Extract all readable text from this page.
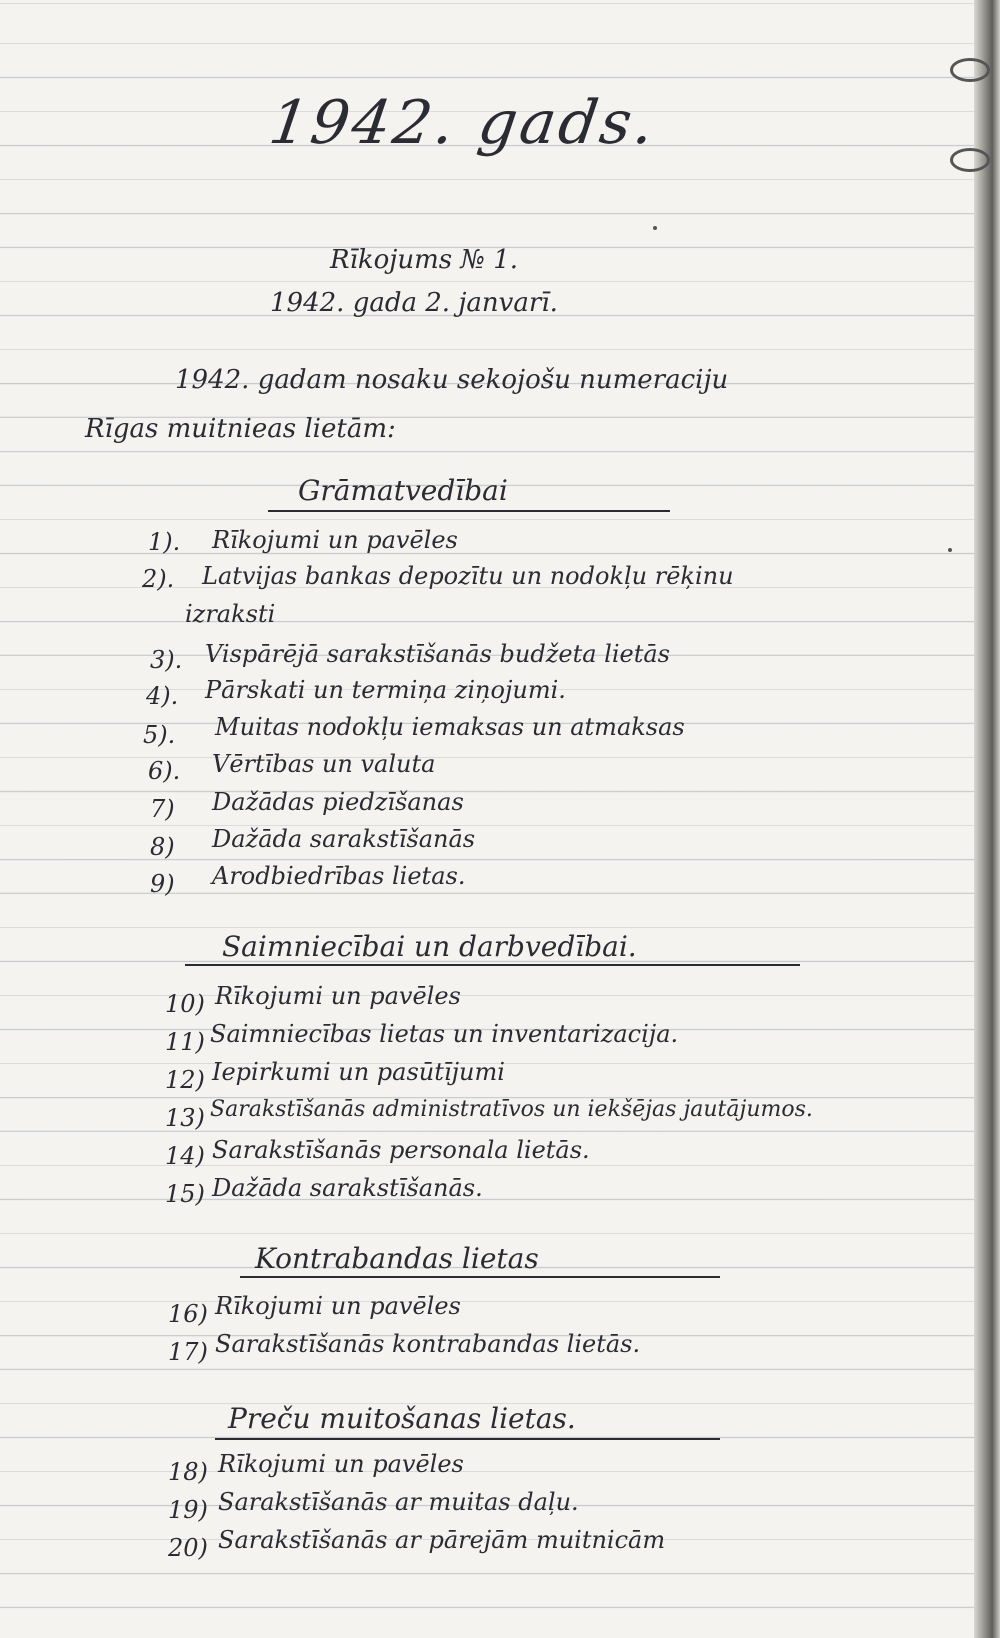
1942. gads.
Rīkojums № 1.
1942. gada 2. janvarī.
1942. gadam nosaku sekojošu numeraciju
Rīgas muitnieas lietām:
Grāmatvedībai
1). Rīkojumi un pavēles
2). Latvijas bankas depozītu un nodokļu rēķinu
izraksti
3). Vispārējā sarakstīšanās budžeta lietās
4). Pārskati un termiņa ziņojumi.
5). Muitas nodokļu iemaksas un atmaksas
6). Vērtības un valuta
7) Dažādas piedzīšanas
8) Dažāda sarakstīšanās
9) Arodbiedrības lietas.
Saimniecībai un darbvedībai.
10) Rīkojumi un pavēles
11) Saimniecības lietas un inventarizacija.
12) Iepirkumi un pasūtījumi
13) Sarakstīšanās administratīvos un iekšējas jautājumos.
14) Sarakstīšanās personala lietās.
15) Dažāda sarakstīšanās.
Kontrabandas lietas
16) Rīkojumi un pavēles
17) Sarakstīšanās kontrabandas lietās.
Preču muitošanas lietas.
18) Rīkojumi un pavēles
19) Sarakstīšanās ar muitas daļu.
20) Sarakstīšanās ar pārejām muitnicām
